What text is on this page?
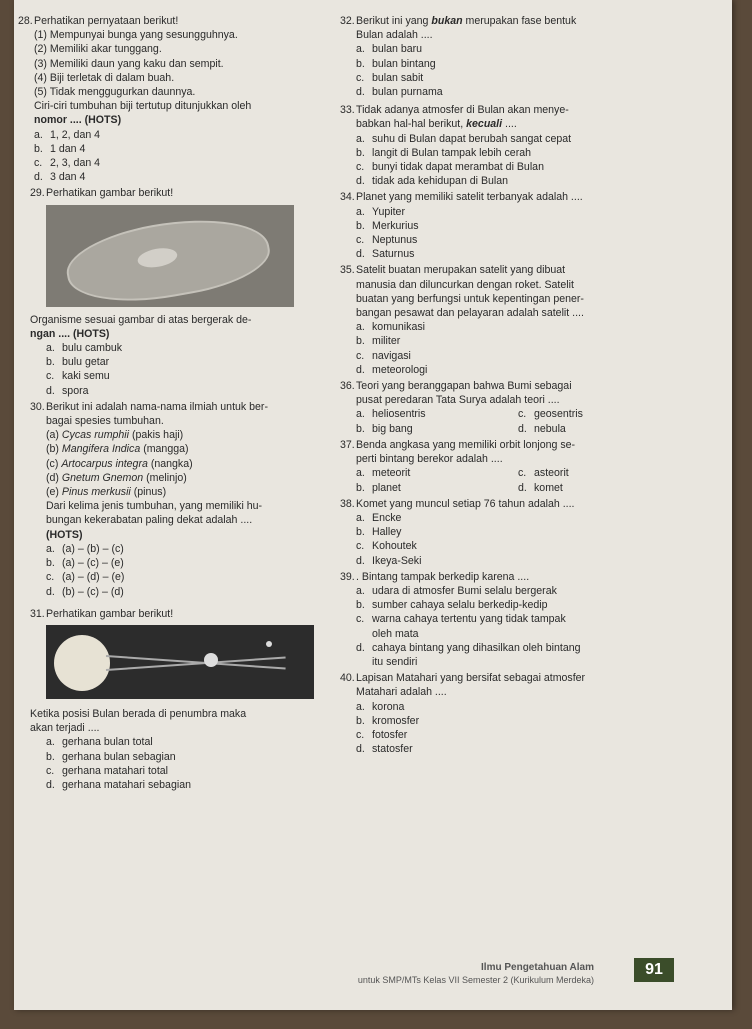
28. Perhatikan pernyataan berikut!
(1) Mempunyai bunga yang sesungguhnya.
(2) Memiliki akar tunggang.
(3) Memiliki daun yang kaku dan sempit.
(4) Biji terletak di dalam buah.
(5) Tidak menggugurkan daunnya.
Ciri-ciri tumbuhan biji tertutup ditunjukkan oleh
nomor .... (HOTS)
a. 1, 2, dan 4
b. 1 dan 4
c. 2, 3, dan 4
d. 3 dan 4
29. Perhatikan gambar berikut!
Organisme sesuai gambar di atas bergerak de-
ngan .... (HOTS)
a. bulu cambuk
b. bulu getar
c. kaki semu
d. spora
30. Berikut ini adalah nama-nama ilmiah untuk ber-
bagai spesies tumbuhan.
(a) Cycas rumphii (pakis haji)
(b) Mangifera Indica (mangga)
(c) Artocarpus integra (nangka)
(d) Gnetum Gnemon (melinjo)
(e) Pinus merkusii (pinus)
Dari kelima jenis tumbuhan, yang memiliki hu-
bungan kekerabatan paling dekat adalah ....
(HOTS)
a. (a) – (b) – (c)
b. (a) – (c) – (e)
c. (a) – (d) – (e)
d. (b) – (c) – (d)
31. Perhatikan gambar berikut!
Ketika posisi Bulan berada di penumbra maka
akan terjadi ....
a. gerhana bulan total
b. gerhana bulan sebagian
c. gerhana matahari total
d. gerhana matahari sebagian
32. Berikut ini yang bukan merupakan fase bentuk
Bulan adalah ....
a. bulan baru
b. bulan bintang
c. bulan sabit
d. bulan purnama
33. Tidak adanya atmosfer di Bulan akan menye-
babkan hal-hal berikut, kecuali ....
a. suhu di Bulan dapat berubah sangat cepat
b. langit di Bulan tampak lebih cerah
c. bunyi tidak dapat merambat di Bulan
d. tidak ada kehidupan di Bulan
34. Planet yang memiliki satelit terbanyak adalah ....
a. Yupiter
b. Merkurius
c. Neptunus
d. Saturnus
35. Satelit buatan merupakan satelit yang dibuat
manusia dan diluncurkan dengan roket. Satelit
buatan yang berfungsi untuk kepentingan pener-
bangan pesawat dan pelayaran adalah satelit ....
a. komunikasi
b. militer
c. navigasi
d. meteorologi
36. Teori yang beranggapan bahwa Bumi sebagai
pusat peredaran Tata Surya adalah teori ....
a. heliosentris	c. geosentris
b. big bang	d. nebula
37. Benda angkasa yang memiliki orbit lonjong se-
perti bintang berekor adalah ....
a. meteorit	c. asteorit
b. planet	d. komet
38. Komet yang muncul setiap 76 tahun adalah ....
a. Encke
b. Halley
c. Kohoutek
d. Ikeya-Seki
39. . Bintang tampak berkedip karena ....
a. udara di atmosfer Bumi selalu bergerak
b. sumber cahaya selalu berkedip-kedip
c. warna cahaya tertentu yang tidak tampak
oleh mata
d. cahaya bintang yang dihasilkan oleh bintang
itu sendiri
40. Lapisan Matahari yang bersifat sebagai atmosfer
Matahari adalah ....
a. korona
b. kromosfer
c. fotosfer
d. statosfer
Ilmu Pengetahuan Alam
untuk SMP/MTs Kelas VII Semester 2 (Kurikulum Merdeka)
91
